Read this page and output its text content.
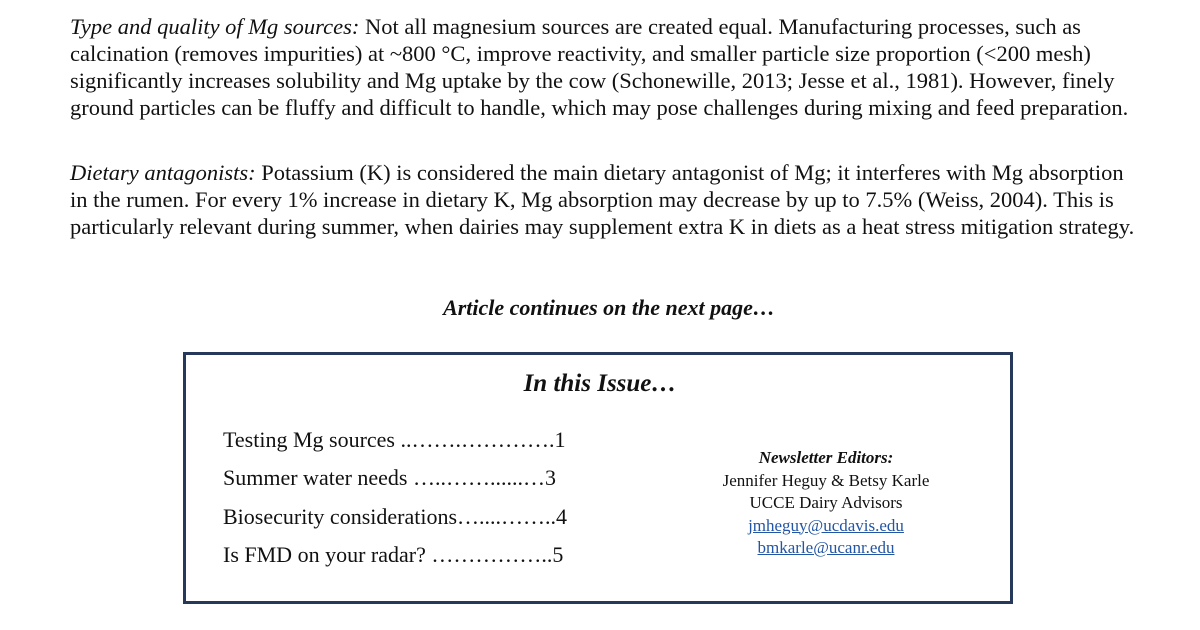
Type and quality of Mg sources: Not all magnesium sources are created equal. Manufacturing processes, such as calcination (removes impurities) at ~800 °C, improve reactivity, and smaller particle size proportion (<200 mesh) significantly increases solubility and Mg uptake by the cow (Schonewille, 2013; Jesse et al., 1981). However, finely ground particles can be fluffy and difficult to handle, which may pose challenges during mixing and feed preparation.

Dietary antagonists: Potassium (K) is considered the main dietary antagonist of Mg; it interferes with Mg absorption in the rumen. For every 1% increase in dietary K, Mg absorption may decrease by up to 7.5% (Weiss, 2004). This is particularly relevant during summer, when dairies may supplement extra K in diets as a heat stress mitigation strategy.

Article continues on the next page…
In this Issue…
Testing Mg sources ..…….………….1
Summer water needs …..……......…3
Biosecurity considerations…....……..4
Is FMD on your radar? ……………..5
Newsletter Editors:
Jennifer Heguy & Betsy Karle
UCCE Dairy Advisors
jmheguy@ucdavis.edu
bmkarle@ucanr.edu
